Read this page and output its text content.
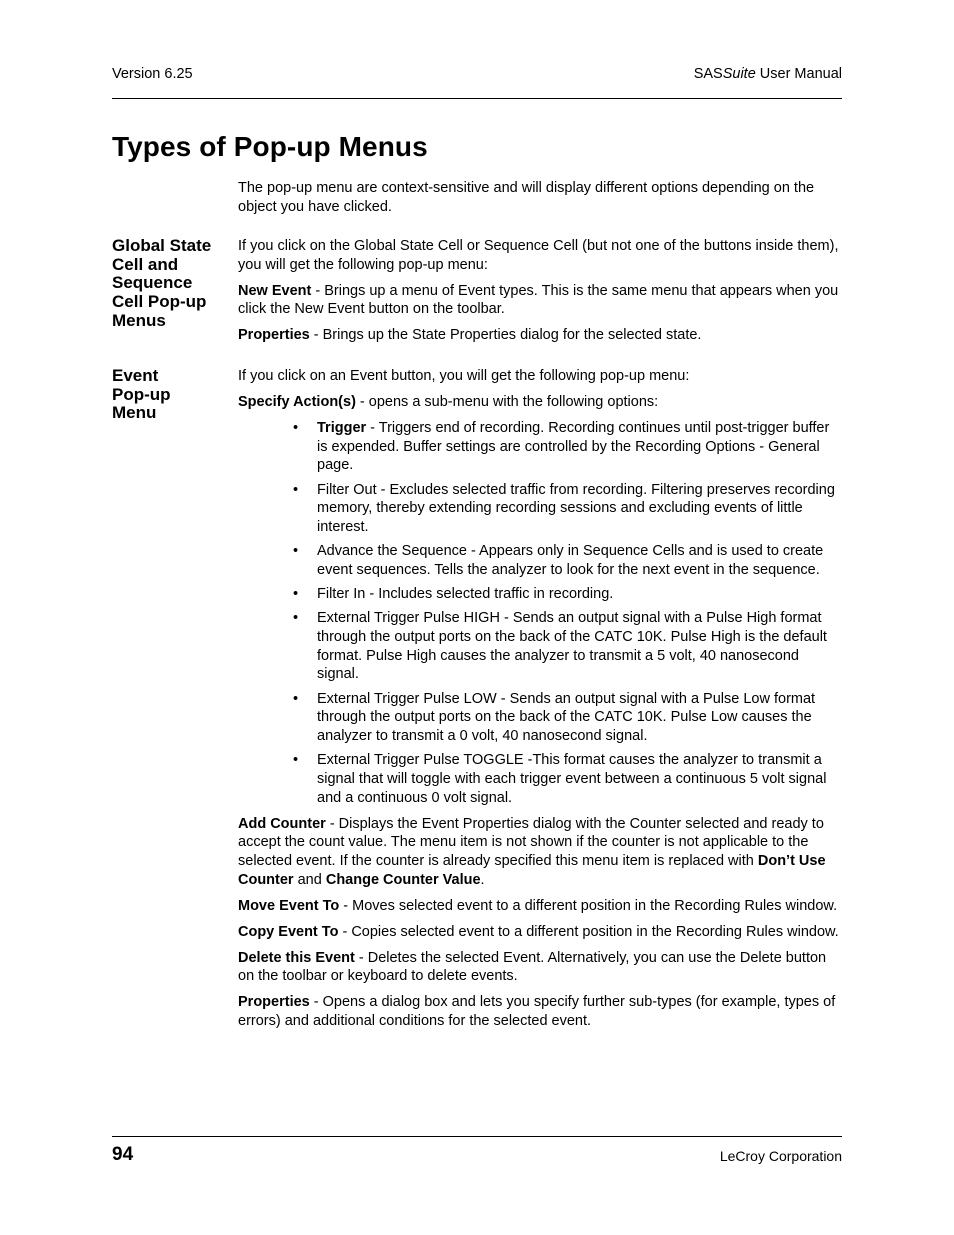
Version 6.25	SASSuite User Manual
Types of Pop-up Menus

The pop-up menu are context-sensitive and will display different options depending on the object you have clicked.

Global State
Cell and
Sequence
Cell Pop-up
Menus

If you click on the Global State Cell or Sequence Cell (but not one of the buttons inside them), you will get the following pop-up menu:

New Event - Brings up a menu of Event types. This is the same menu that appears when you click the New Event button on the toolbar.

Properties - Brings up the State Properties dialog for the selected state.

Event
Pop-up
Menu

If you click on an Event button, you will get the following pop-up menu:

Specify Action(s) - opens a sub-menu with the following options:

• Trigger - Triggers end of recording. Recording continues until post-trigger buffer is expended. Buffer settings are controlled by the Recording Options - General page.
• Filter Out - Excludes selected traffic from recording. Filtering preserves recording memory, thereby extending recording sessions and excluding events of little interest.
• Advance the Sequence - Appears only in Sequence Cells and is used to create event sequences. Tells the analyzer to look for the next event in the sequence.
• Filter In - Includes selected traffic in recording.
• External Trigger Pulse HIGH - Sends an output signal with a Pulse High format through the output ports on the back of the CATC 10K. Pulse High is the default format. Pulse High causes the analyzer to transmit a 5 volt, 40 nanosecond signal.
• External Trigger Pulse LOW - Sends an output signal with a Pulse Low format through the output ports on the back of the CATC 10K. Pulse Low causes the analyzer to transmit a 0 volt, 40 nanosecond signal.
• External Trigger Pulse TOGGLE -This format causes the analyzer to transmit a signal that will toggle with each trigger event between a continuous 5 volt signal and a continuous 0 volt signal.

Add Counter - Displays the Event Properties dialog with the Counter selected and ready to accept the count value. The menu item is not shown if the counter is not applicable to the selected event. If the counter is already specified this menu item is replaced with Don’t Use Counter and Change Counter Value.

Move Event To - Moves selected event to a different position in the Recording Rules window.

Copy Event To - Copies selected event to a different position in the Recording Rules window.

Delete this Event - Deletes the selected Event. Alternatively, you can use the Delete button on the toolbar or keyboard to delete events.

Properties - Opens a dialog box and lets you specify further sub-types (for example, types of errors) and additional conditions for the selected event.

94	LeCroy Corporation
